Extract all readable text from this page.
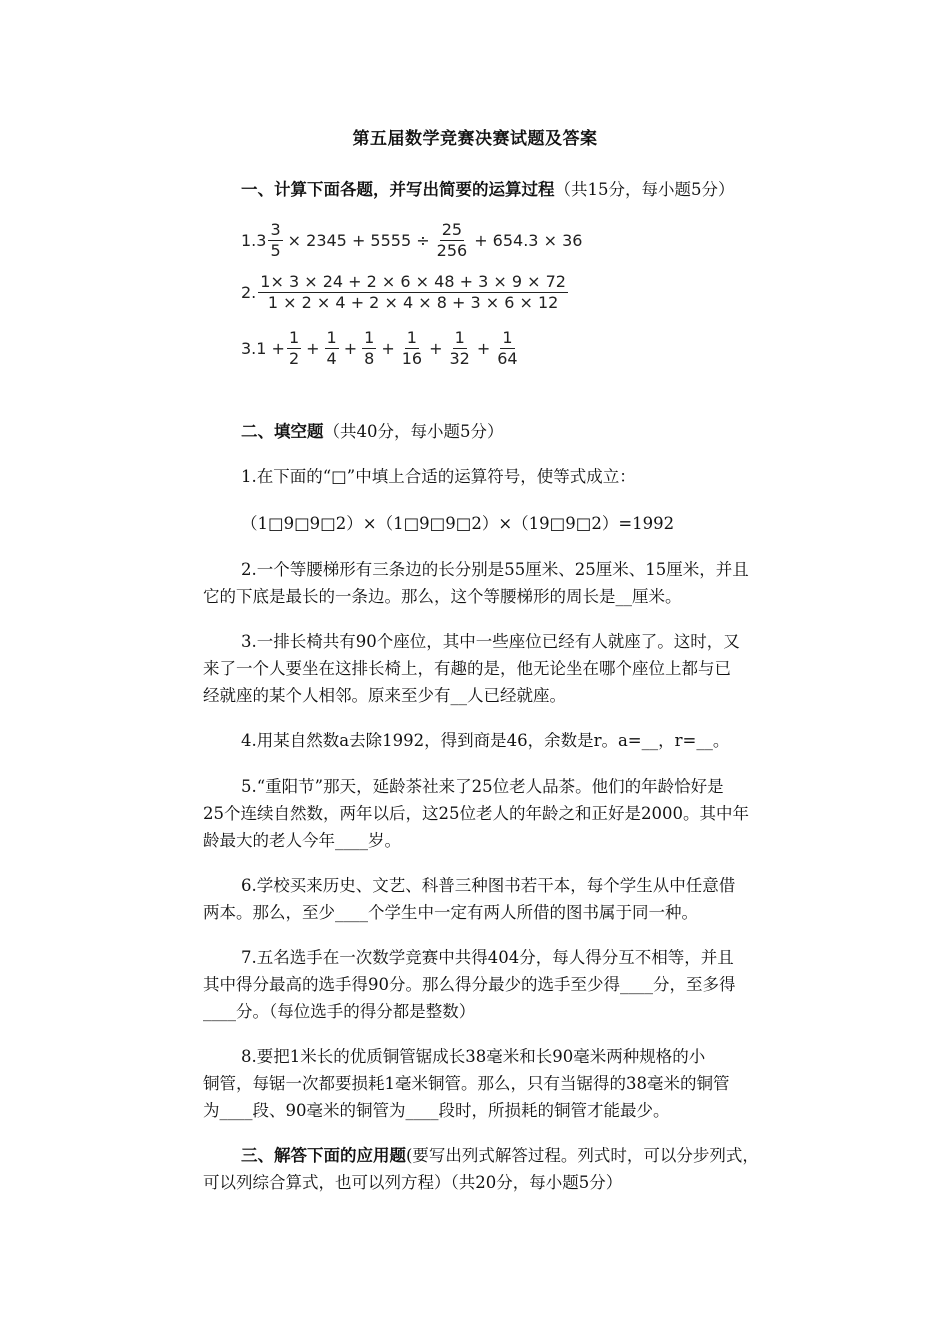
第五届数学竞赛决赛试题及答案
一、计算下面各题，并写出简要的运算过程（共15分，每小题5分）
$1.3 \frac{3}{5} \times 2345 + 5555 \div \frac{25}{256} + 654.3 \times 36$
2. $\frac{1\times 3 \times 24 + 2 \times 6 \times 48 + 3 \times 9 \times 72}{1 \times 2 \times 4 + 2 \times 4 \times 8 + 3 \times 6 \times 12}$
$3.1 + \frac{1}{2} + \frac{1}{4} + \frac{1}{8} + \frac{1}{16} + \frac{1}{32} + \frac{1}{64}$
二、填空题（共40分，每小题5分）
1.在下面的“□”中填上合适的运算符号，使等式成立：
（1□9□9□2）×（1□9□9□2）×（19□9□2）=1992
2.一个等腰梯形有三条边的长分别是55厘米、25厘米、15厘米，并且
它的下底是最长的一条边。那么，这个等腰梯形的周长是__厘米。
3.一排长椅共有90个座位，其中一些座位已经有人就座了。这时，又
来了一个人要坐在这排长椅上，有趣的是，他无论坐在哪个座位上都与已
经就座的某个人相邻。原来至少有__人已经就座。
4.用某自然数a去除1992，得到商是46，余数是r。a=__，r=__。
5.“重阳节”那天，延龄茶社来了25位老人品茶。他们的年龄恰好是
25个连续自然数，两年以后，这25位老人的年龄之和正好是2000。其中年
龄最大的老人今年____岁。
6.学校买来历史、文艺、科普三种图书若干本，每个学生从中任意借
两本。那么，至少____个学生中一定有两人所借的图书属于同一种。
7.五名选手在一次数学竞赛中共得404分，每人得分互不相等，并且
其中得分最高的选手得90分。那么得分最少的选手至少得____分，至多得
____分。（每位选手的得分都是整数）
8.要把1米长的优质铜管锯成长38毫米和长90毫米两种规格的小
铜管，每锯一次都要损耗1毫米铜管。那么，只有当锯得的38毫米的铜管
为____段、90毫米的铜管为____段时，所损耗的铜管才能最少。
三、解答下面的应用题(要写出列式解答过程。列式时，可以分步列式，
可以列综合算式，也可以列方程）（共20分，每小题5分）
